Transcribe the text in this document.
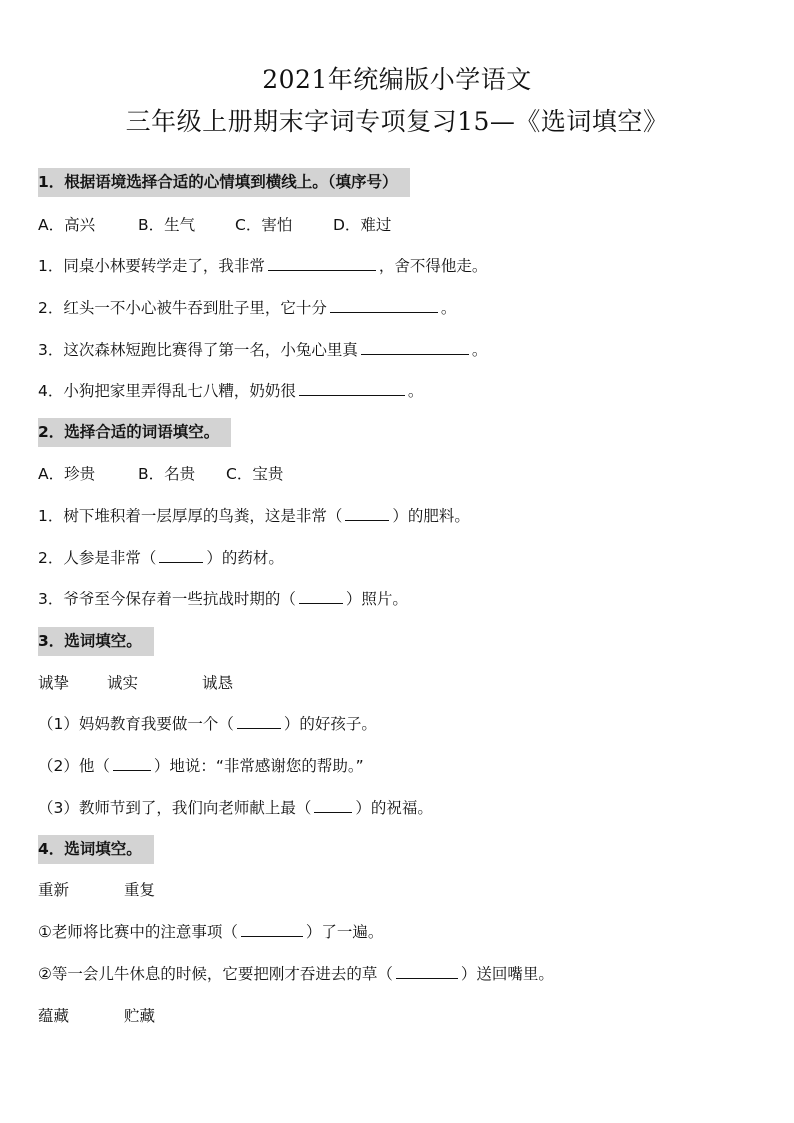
2021年统编版小学语文
三年级上册期末字词专项复习15—《选词填空》
1．根据语境选择合适的心情填到横线上。（填序号）
A．高兴	B．生气	C．害怕	D．难过
1．同桌小林要转学走了，我非常	，舍不得他走。
2．红头一不小心被牛吞到肚子里，它十分	。
3．这次森林短跑比赛得了第一名，小兔心里真	。
4．小狗把家里弄得乱七八糟，奶奶很	。
2．选择合适的词语填空。
A．珍贵	B．名贵 C．宝贵
1．树下堆积着一层厚厚的鸟粪，这是非常（	）的肥料。
2．人参是非常（	）的药材。
3．爷爷至今保存着一些抗战时期的（	）照片。
3．选词填空。
诚挚 诚实	诚恳
（1）妈妈教育我要做一个（	）的好孩子。
（2）他（	）地说：“非常感谢您的帮助。”
（3）教师节到了，我们向老师献上最（	）的祝福。
4．选词填空。
重新	重复
①老师将比赛中的注意事项（	）了一遍。
②等一会儿牛休息的时候，它要把刚才吞进去的草（	）送回嘴里。
蕴藏	贮藏
